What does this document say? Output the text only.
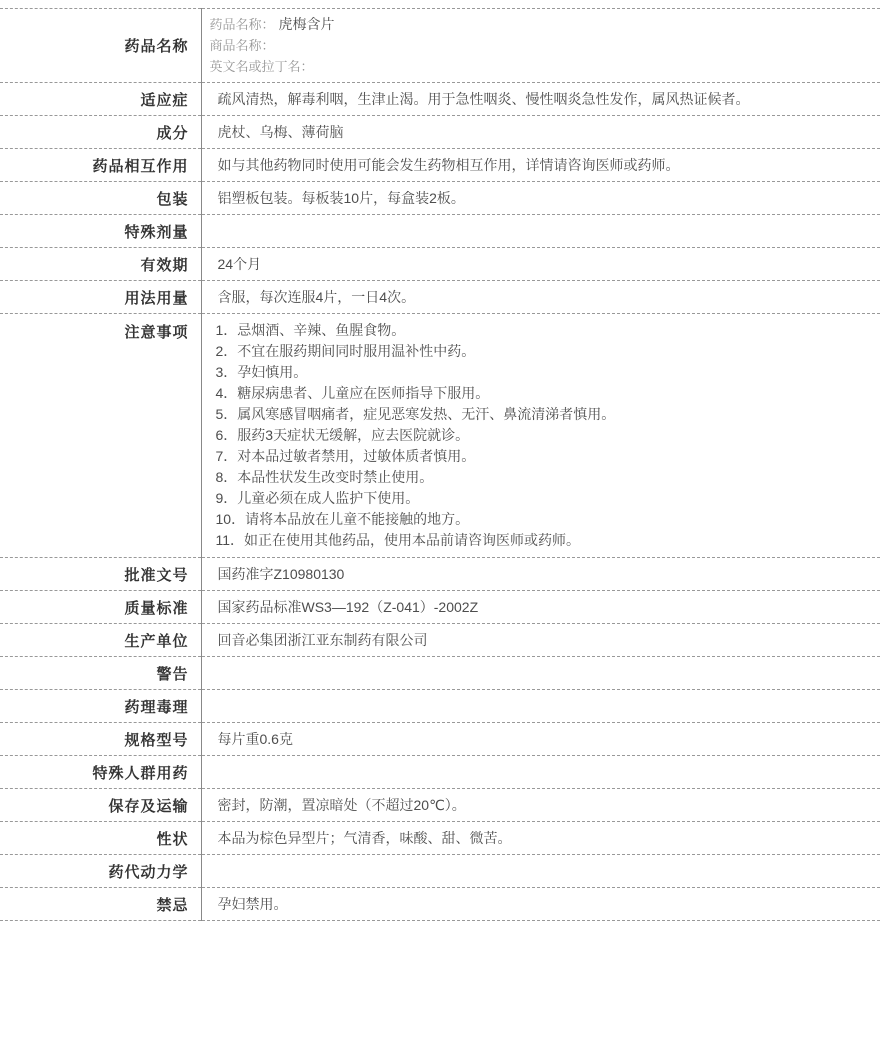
药品名称	药品名称： 虎梅含片
商品名称：
英文名或拉丁名：

适应症	疏风清热，解毒利咽，生津止渴。用于急性咽炎、慢性咽炎急性发作，属风热证候者。
成分	虎杖、乌梅、薄荷脑
药品相互作用	如与其他药物同时使用可能会发生药物相互作用，详情请咨询医师或药师。
包装	铝塑板包装。每板装10片，每盒装2板。
特殊剂量	
有效期	24个月
用法用量	含服，每次连服4片，一日4次。
注意事项	1．忌烟酒、辛辣、鱼腥食物。
2．不宜在服药期间同时服用温补性中药。
3．孕妇慎用。
4．糖尿病患者、儿童应在医师指导下服用。
5．属风寒感冒咽痛者，症见恶寒发热、无汗、鼻流清涕者慎用。
6．服药3天症状无缓解，应去医院就诊。
7．对本品过敏者禁用，过敏体质者慎用。
8．本品性状发生改变时禁止使用。
9．儿童必须在成人监护下使用。
10．请将本品放在儿童不能接触的地方。
11．如正在使用其他药品，使用本品前请咨询医师或药师。

批准文号	国药准字Z10980130
质量标准	国家药品标准WS3—192（Z-041）-2002Z
生产单位	回音必集团浙江亚东制药有限公司
警告	
药理毒理	
规格型号	每片重0.6克
特殊人群用药	
保存及运输	密封，防潮，置凉暗处（不超过20℃）。
性状	本品为棕色异型片；气清香，味酸、甜、微苦。
药代动力学	
禁忌	孕妇禁用。
